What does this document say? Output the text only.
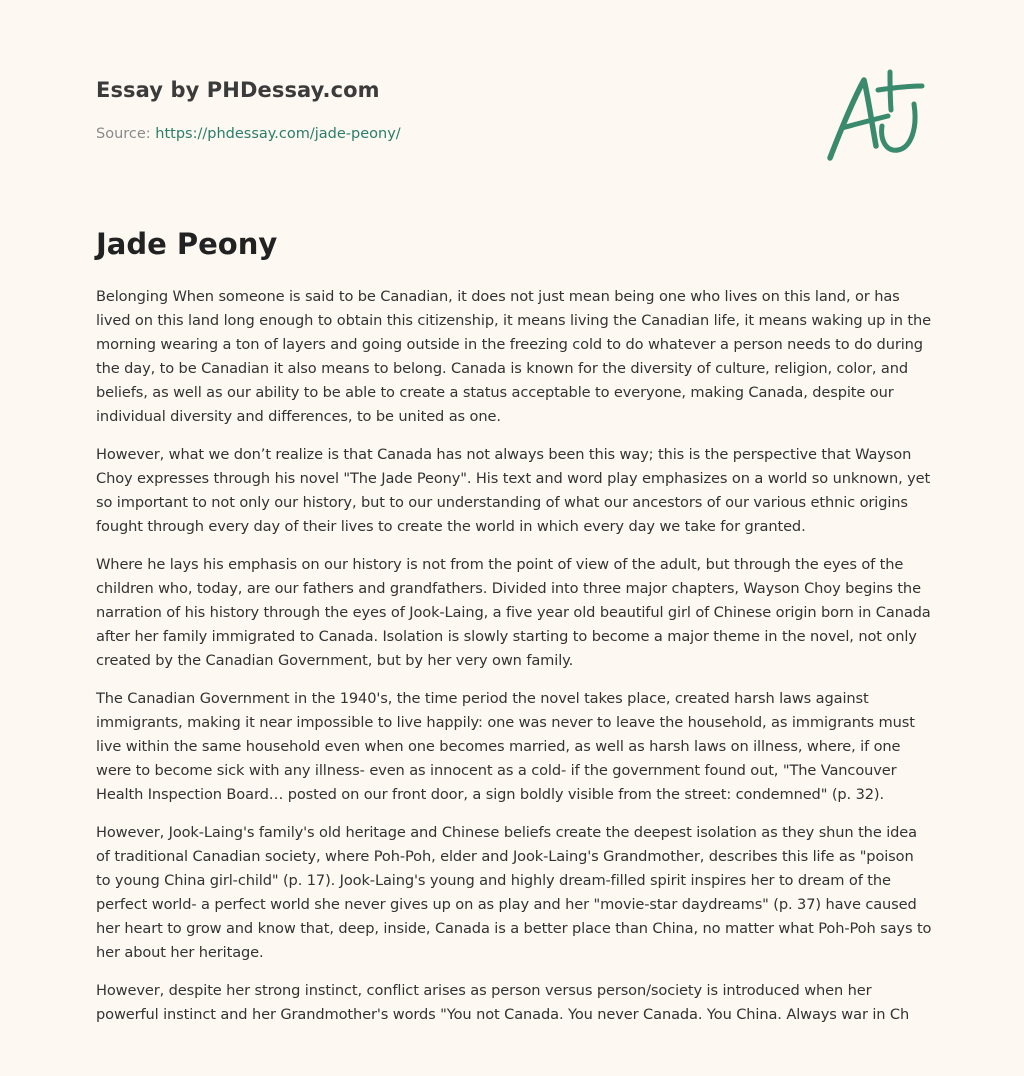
Essay by PHDessay.com
Source: https://phdessay.com/jade-peony/
Jade Peony

Belonging When someone is said to be Canadian, it does not just mean being one who lives on this land, or has lived on this land long enough to obtain this citizenship, it means living the Canadian life, it means waking up in the morning wearing a ton of layers and going outside in the freezing cold to do whatever a person needs to do during the day, to be Canadian it also means to belong. Canada is known for the diversity of culture, religion, color, and beliefs, as well as our ability to be able to create a status acceptable to everyone, making Canada, despite our individual diversity and differences, to be united as one.

However, what we don’t realize is that Canada has not always been this way; this is the perspective that Wayson Choy expresses through his novel "The Jade Peony". His text and word play emphasizes on a world so unknown, yet so important to not only our history, but to our understanding of what our ancestors of our various ethnic origins fought through every day of their lives to create the world in which every day we take for granted.

Where he lays his emphasis on our history is not from the point of view of the adult, but through the eyes of the children who, today, are our fathers and grandfathers. Divided into three major chapters, Wayson Choy begins the narration of his history through the eyes of Jook-Laing, a five year old beautiful girl of Chinese origin born in Canada after her family immigrated to Canada. Isolation is slowly starting to become a major theme in the novel, not only created by the Canadian Government, but by her very own family.

The Canadian Government in the 1940's, the time period the novel takes place, created harsh laws against immigrants, making it near impossible to live happily: one was never to leave the household, as immigrants must live within the same household even when one becomes married, as well as harsh laws on illness, where, if one were to become sick with any illness- even as innocent as a cold- if the government found out, "The Vancouver Health Inspection Board… posted on our front door, a sign boldly visible from the street: condemned" (p. 32).

However, Jook-Laing's family's old heritage and Chinese beliefs create the deepest isolation as they shun the idea of traditional Canadian society, where Poh-Poh, elder and Jook-Laing's Grandmother, describes this life as "poison to young China girl-child" (p. 17). Jook-Laing's young and highly dream-filled spirit inspires her to dream of the perfect world- a perfect world she never gives up on as play and her "movie-star daydreams" (p. 37) have caused her heart to grow and know that, deep, inside, Canada is a better place than China, no matter what Poh-Poh says to her about her heritage.

However, despite her strong instinct, conflict arises as person versus person/society is introduced when her powerful instinct and her Grandmother's words "You not Canada. You never Canada. You China. Always war in Ch
